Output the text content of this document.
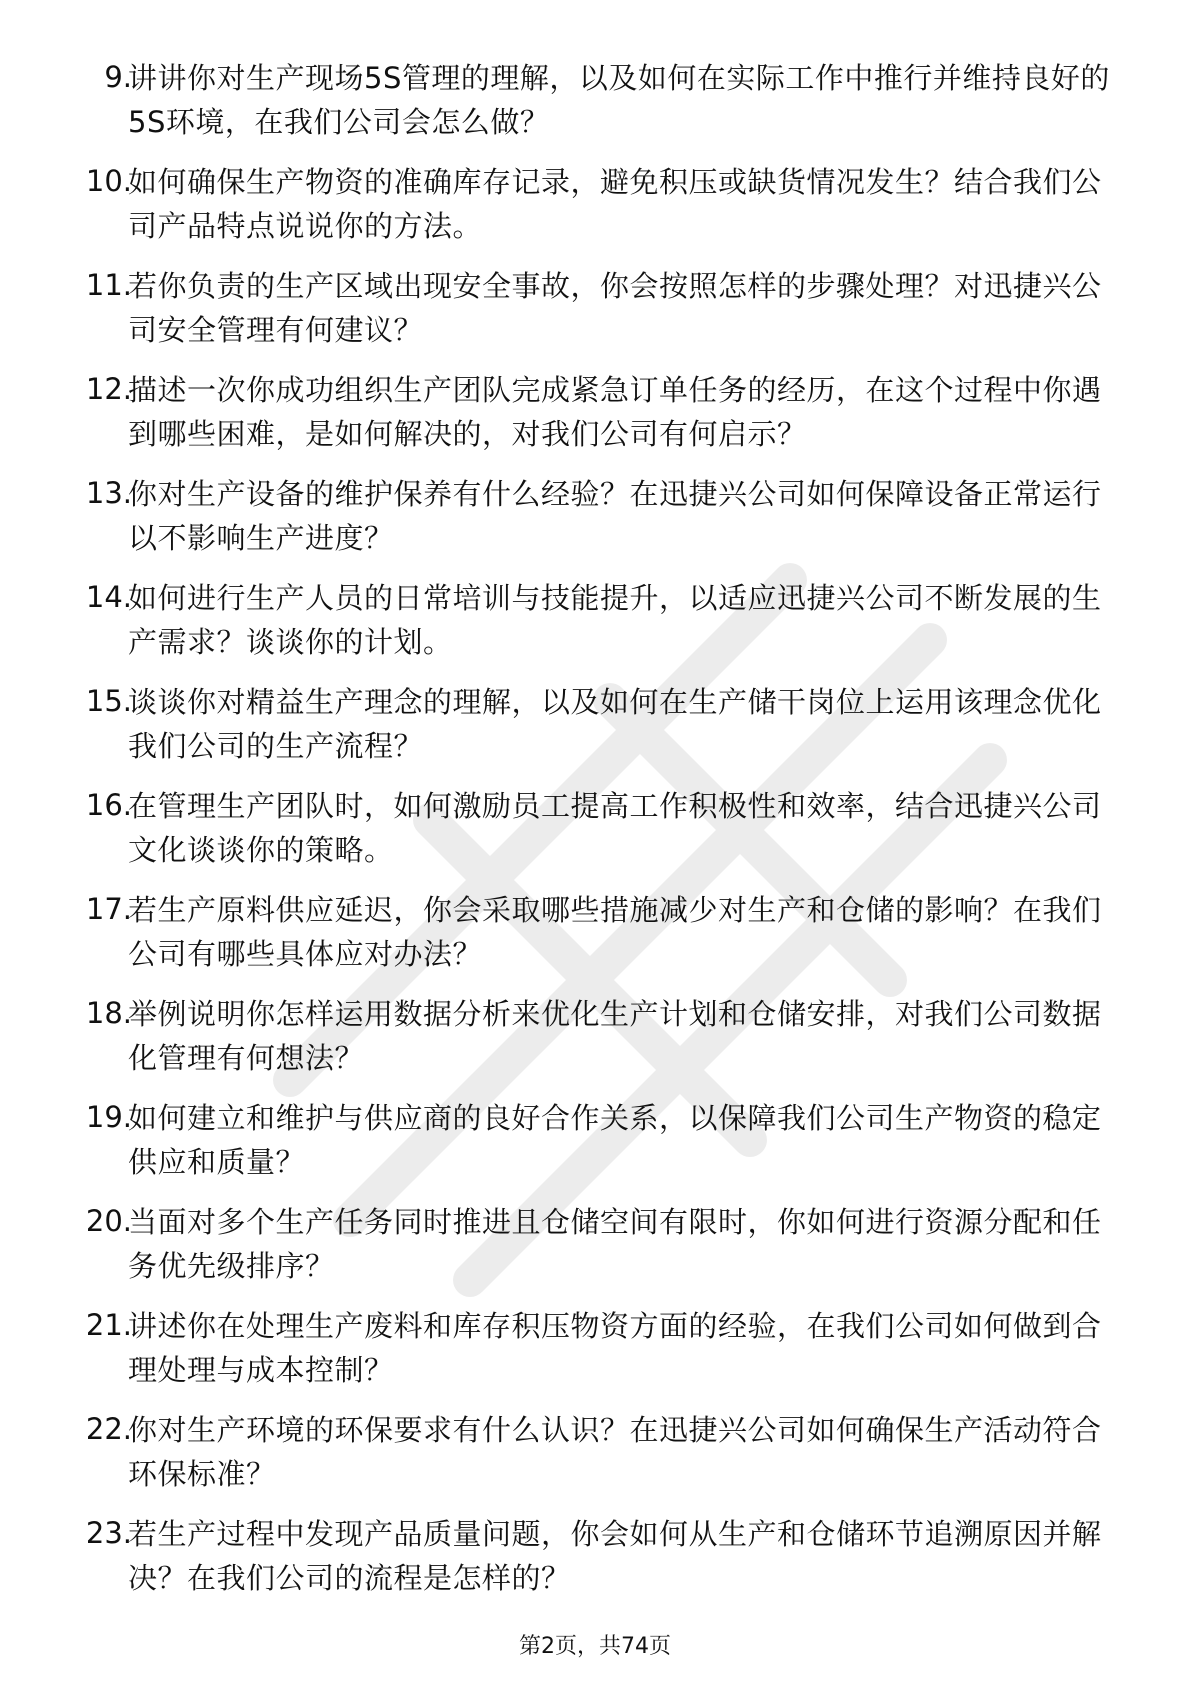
9.
讲讲你对生产现场5S管理的理解，以及如何在实际工作中推行并维持良好的5S环境，在我们公司会怎么做？
10.
如何确保生产物资的准确库存记录，避免积压或缺货情况发生？结合我们公司产品特点说说你的方法。
11.
若你负责的生产区域出现安全事故，你会按照怎样的步骤处理？对迅捷兴公司安全管理有何建议？
12.
描述一次你成功组织生产团队完成紧急订单任务的经历，在这个过程中你遇到哪些困难，是如何解决的，对我们公司有何启示？
13.
你对生产设备的维护保养有什么经验？在迅捷兴公司如何保障设备正常运行以不影响生产进度？
14.
如何进行生产人员的日常培训与技能提升，以适应迅捷兴公司不断发展的生产需求？谈谈你的计划。
15.
谈谈你对精益生产理念的理解，以及如何在生产储干岗位上运用该理念优化我们公司的生产流程？
16.
在管理生产团队时，如何激励员工提高工作积极性和效率，结合迅捷兴公司文化谈谈你的策略。
17.
若生产原料供应延迟，你会采取哪些措施减少对生产和仓储的影响？在我们公司有哪些具体应对办法？
18.
举例说明你怎样运用数据分析来优化生产计划和仓储安排，对我们公司数据化管理有何想法？
19.
如何建立和维护与供应商的良好合作关系，以保障我们公司生产物资的稳定供应和质量？
20.
当面对多个生产任务同时推进且仓储空间有限时，你如何进行资源分配和任务优先级排序？
21.
讲述你在处理生产废料和库存积压物资方面的经验，在我们公司如何做到合理处理与成本控制？
22.
你对生产环境的环保要求有什么认识？在迅捷兴公司如何确保生产活动符合环保标准？
23.
若生产过程中发现产品质量问题，你会如何从生产和仓储环节追溯原因并解决？在我们公司的流程是怎样的？
第2页，共74页
